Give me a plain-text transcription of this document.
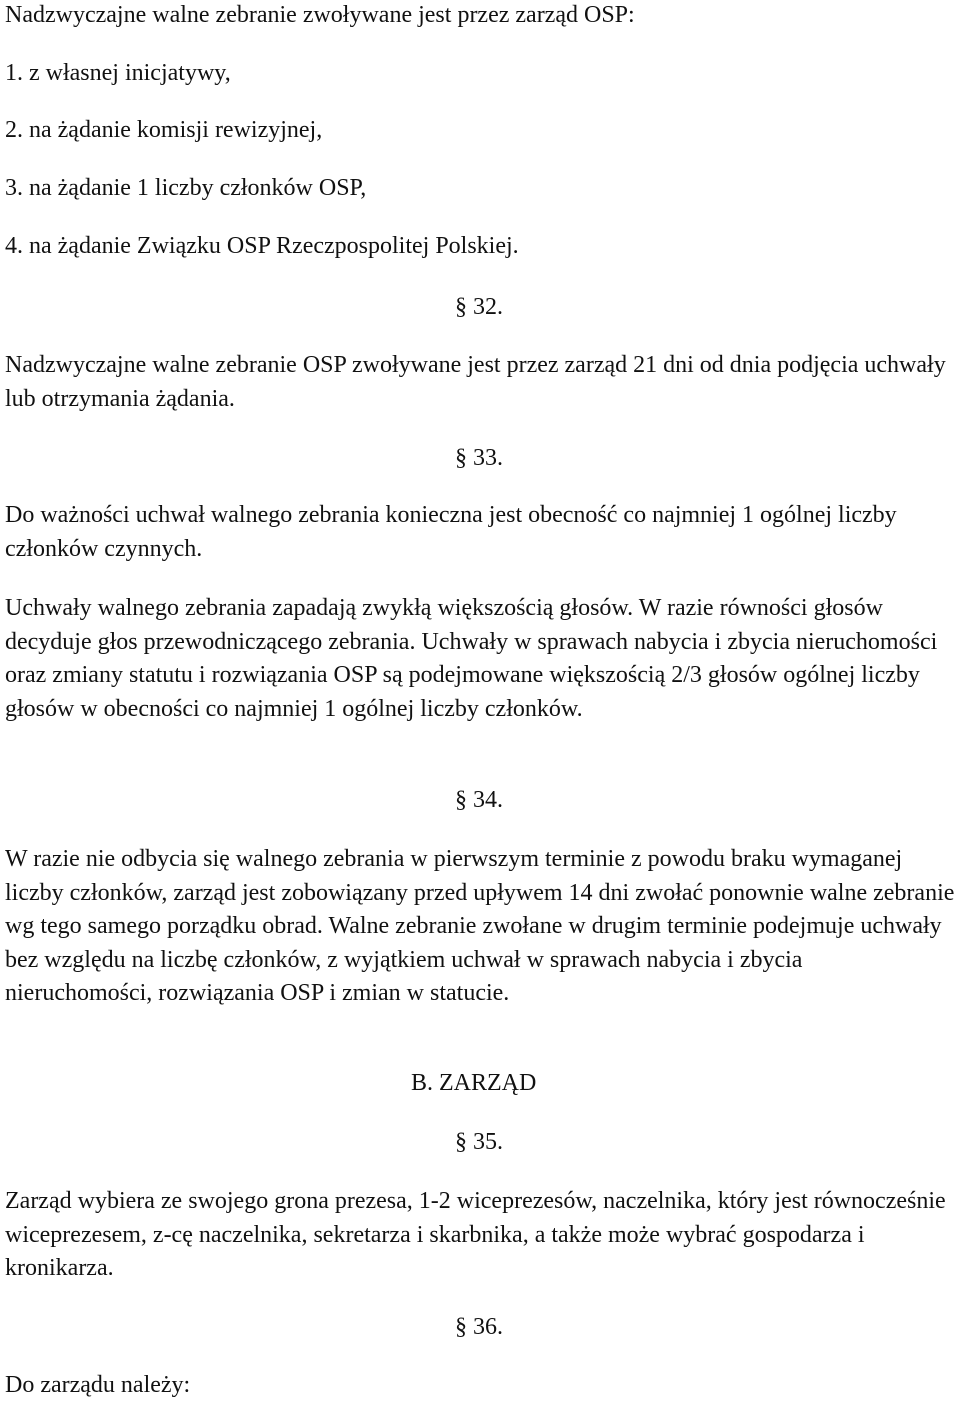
Nadzwyczajne walne zebranie zwoływane jest przez zarząd OSP:
1. z własnej inicjatywy,
2. na żądanie komisji rewizyjnej,
3. na żądanie 1 liczby członków OSP,
4. na żądanie Związku OSP Rzeczpospolitej Polskiej.
§ 32.
Nadzwyczajne walne zebranie OSP zwoływane jest przez zarząd 21 dni od dnia podjęcia uchwały lub otrzymania żądania.
§ 33.
Do ważności uchwał walnego zebrania konieczna jest obecność co najmniej 1 ogólnej liczby członków czynnych.
Uchwały walnego zebrania zapadają zwykłą większością głosów. W razie równości głosów decyduje głos przewodniczącego zebrania. Uchwały w sprawach nabycia i zbycia nieruchomości oraz zmiany statutu i rozwiązania OSP są podejmowane większością 2/3 głosów ogólnej liczby głosów w obecności co najmniej 1 ogólnej liczby członków.
§ 34.
W razie nie odbycia się walnego zebrania w pierwszym terminie z powodu braku wymaganej liczby członków, zarząd jest zobowiązany przed upływem 14 dni zwołać ponownie walne zebranie wg tego samego porządku obrad. Walne zebranie zwołane w drugim terminie podejmuje uchwały bez względu na liczbę członków, z wyjątkiem uchwał w sprawach nabycia i zbycia nieruchomości, rozwiązania OSP i zmian w statucie.
B. ZARZĄD
§ 35.
Zarząd wybiera ze swojego grona prezesa, 1-2 wiceprezesów, naczelnika, który jest równocześnie wiceprezesem, z-cę naczelnika, sekretarza i skarbnika, a także może wybrać gospodarza i kronikarza.
§ 36.
Do zarządu należy:
